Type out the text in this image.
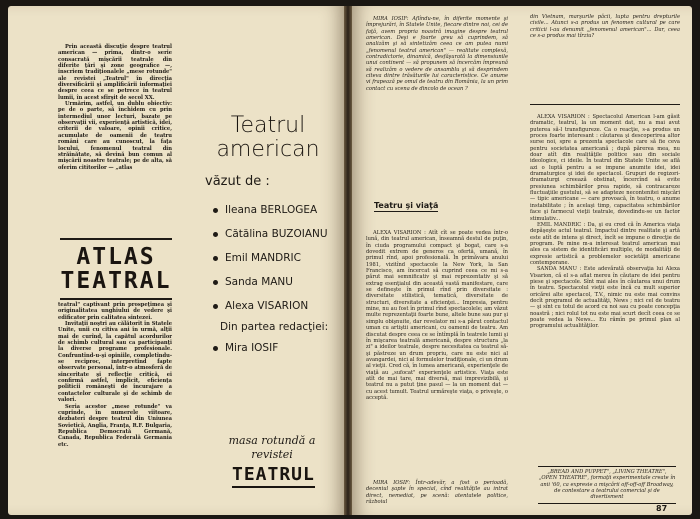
Prin această discuţie despre teatrul american — prima, dintr-o serie consacrată mişcării teatrale din diferite ţări şi zone geografice —, înscriem tradiţionalele „mese rotunde" ale revistei „Teatrul" în direcţia diversificării şi amplificării informaţiei despre ceea ce se petrece în teatrul lumii, în acest sfîrşit de secol XX.

Urmărim, astfel, un dublu obiectiv: pe de o parte, să închidem cu prin intermediul unor lecturi, bazate pe observaţii vii, experienţă artistică, idei, criterii de valoare, opinii critice, acumulate de oamenii de teatru români care au cunoscut, la faţa locului, fenomenul teatral din străinătate, să devină bun comun al mişcării noastre teatrale; pe de alta, să oferim cititorilor — „atlas

ATLAS
TEATRAL

teatral" captivant prin prospeţimea şi originalitatea unghiului de vedere şi edificator prin calitatea sintezei.

Invitaţii noştri au călătorit în Statele Unite, unii cu citiva ani în urmă, alţii mai de curînd, la capătul acordurilor de schimb cultural sau ca participanţi la diverse programe profesionale. Confruntînd-u-şi opiniile, completîndu-se reciproc, interpretînd fapte observate personal, într-o atmosferă de sinceritate şi reflecţie critică, ei confirmă astfel, implicit, eficienţa politicii româneşti de încurajare a contactelor culturale şi de schimb de valori.

Seria acestor „mese rotunde" va cuprinde, în numerele viitoare, dezbateri despre teatrul din Uniunea Sovietică, Anglia, Franţa, R.F. Bulgaria, Republica Democrată Germană, Canada, Republica Federală Germania etc.

Teatrul
american
văzut de :
Ileana BERLOGEA
Cătălina BUZOIANU
Emil MANDRIC
Sanda MANU
Alexa VISARION
Din partea redacţiei:
Mira IOSIF
masa rotundă a
revistei
TEATRUL

MIRA IOSIF: Aflîndu-ne, în diferite momente şi împrejurări, în Statele Unite, fiecare dintre noi, cei de faţă, avem propria noastră imagine despre teatrul american. Deşi e foarte greu să cuprindem, să analizăm şi să sintetizăm ceea ce am putea numi „fenomenul teatral american" — realitate complexă, contradictorie, dinamică, desfăşurată la dimensiunile unui continent — să propunem să încercăm împreună să realizăm o vedere de ansamblu şi să desprindem citeva dintre trăsăturile lui caracteristice. Ce anume vi frapează pe omul de teatru din România, la un prim contact cu scena de dincolo de ocean ?

Teatru şi viaţă

ALEXA VISARION : Atît cît se poate vedea într-o lună, din teatrul american, înseamnă destul de puţin, în ciuda programului compact şi bogat, care s-a dovedit extrem de generos ca ofertă, umană, în primul rînd, apoi profesională. În primăvara anului 1981, vizitînd spectacole la New York, la San Francisco, am încercat să cuprind ceea ce mi s-a părut mai semnificativ şi mai reprezentativ şi să extrag esenţialul din această vastă manifestare, care se defineşte în primul rînd prin diversitate : diversitate stilistică, tematică, diversitate de structuri, diversitate a eficienţei... Impresia, pentru mine, nu au fost în primul rînd spectacolele; am văzut multe reprezentaţii foarte bune, altele bune sau pur şi simplu obişnuite, dar revelator mi s-a părut contactul uman cu artiştii americani, cu oamenii de teatru. Am discutat despre ceea ce se întîmplă în teatrele lumii şi în mişcarea teatrală americană, despre structura „la zi" a ideilor teatrale, despre necesitatea ca teatrul să-şi păstreze un drum propriu, care nu este nici al avangardei, nici al formulelor tradiţionale, ci un drum al vieţii. Cred că, în lumea americană, experienţele de viaţă au „sufocat" experienţele artistice. Viaţa este atît de mai tare, mai diversă, mai imprevizibilă, şi teatrul nu a putut ţine pasul — la un moment dat — cu acest tumult. Teatrul urmăreşte viaţa, o priveşte, o acceptă.

MIRA IOSIF: Într-adevăr, a fost o perioadă, deceniul şapte în special, cînd realităţile au intrat direct, nemediat, pe scenă: atentatele politice, războiul

din Vietnam, marşurile păcii, lupta pentru drepturile civile... Atunci s-a produs un fenomen cultural pe care criticii l-au denumit „fenomenul american"... Dar, ceea ce s-a produs mai tîrziu?

ALEXA VISARION : Spectacolul American l-am găsit dramatic, teatrul, la un moment dat, nu a mai avut puterea să-l transfigureze. Ca o reacţie, s-a produs un proces foarte interesant : căutarea şi descoperirea altor surse noi, spre a prezenta spectacole care să fie ceva pentru societatea americană ; după părerea mea, nu doar atît din realităţile politice sau din sociale ideologice, ci ideile. În teatrul din Statele Unite se află azi o luptă pentru a se impune anumite idei, idei dramaturgice şi idei de spectacol. Grupuri de regizori-dramaturgi creează obstinat, încercînd să evite presiunea schimbărilor prea rapide, să contracareze fluctuaţiile gustului, să se adapteze necontenitei mişcări — tipic americane — care provoacă, în teatru, o anume instabilitate ; în acelaşi timp, capacitatea schimbărilor face şi farmecul vieţii teatrale, dovedindu-se un factor stimulativ...

EMIL MANDRIC : Da, şi eu cred că în America viaţa depăşeşte actul teatral. Impactul dintre realitate şi artă este atît de intens şi direct, încît se impune o direcţie de program. Pe mine m-a interesat teatrul american mai ales ca sistem de identificări multiple, de modalităţi de expresie artistică a problemelor societăţii americane contemporane.

SANDA MANU : Este adevărată observaţia lui Alexa Visarion, că el s-a aflat mereu în căutare de idei pentru piese şi spectacole. Sînt mai ales în căutarea unui drum în teatru. Spectacolul vieţii este încă cu mult superior oricărei alte spectacol, T.V., nimic nu este mai convins decît programul de actualităţi, News ; nici cel de teatru — şi sînt cu totul de acord cu noi sau cu poate concepţia noastră ; nici rolul tot nu este mai scurt decît ceea ce se poate vedea la News... Eu rămîn pe primul plan al programului actualităţilor.

„BREAD AND PUPPET", „LIVING THEATRE", „OPEN THEATRE", formaţii experimentale create în anii '60, ca expresie a mişcării off-off-off Broadway, de contestare a teatrului comercial şi de divertisment
87
